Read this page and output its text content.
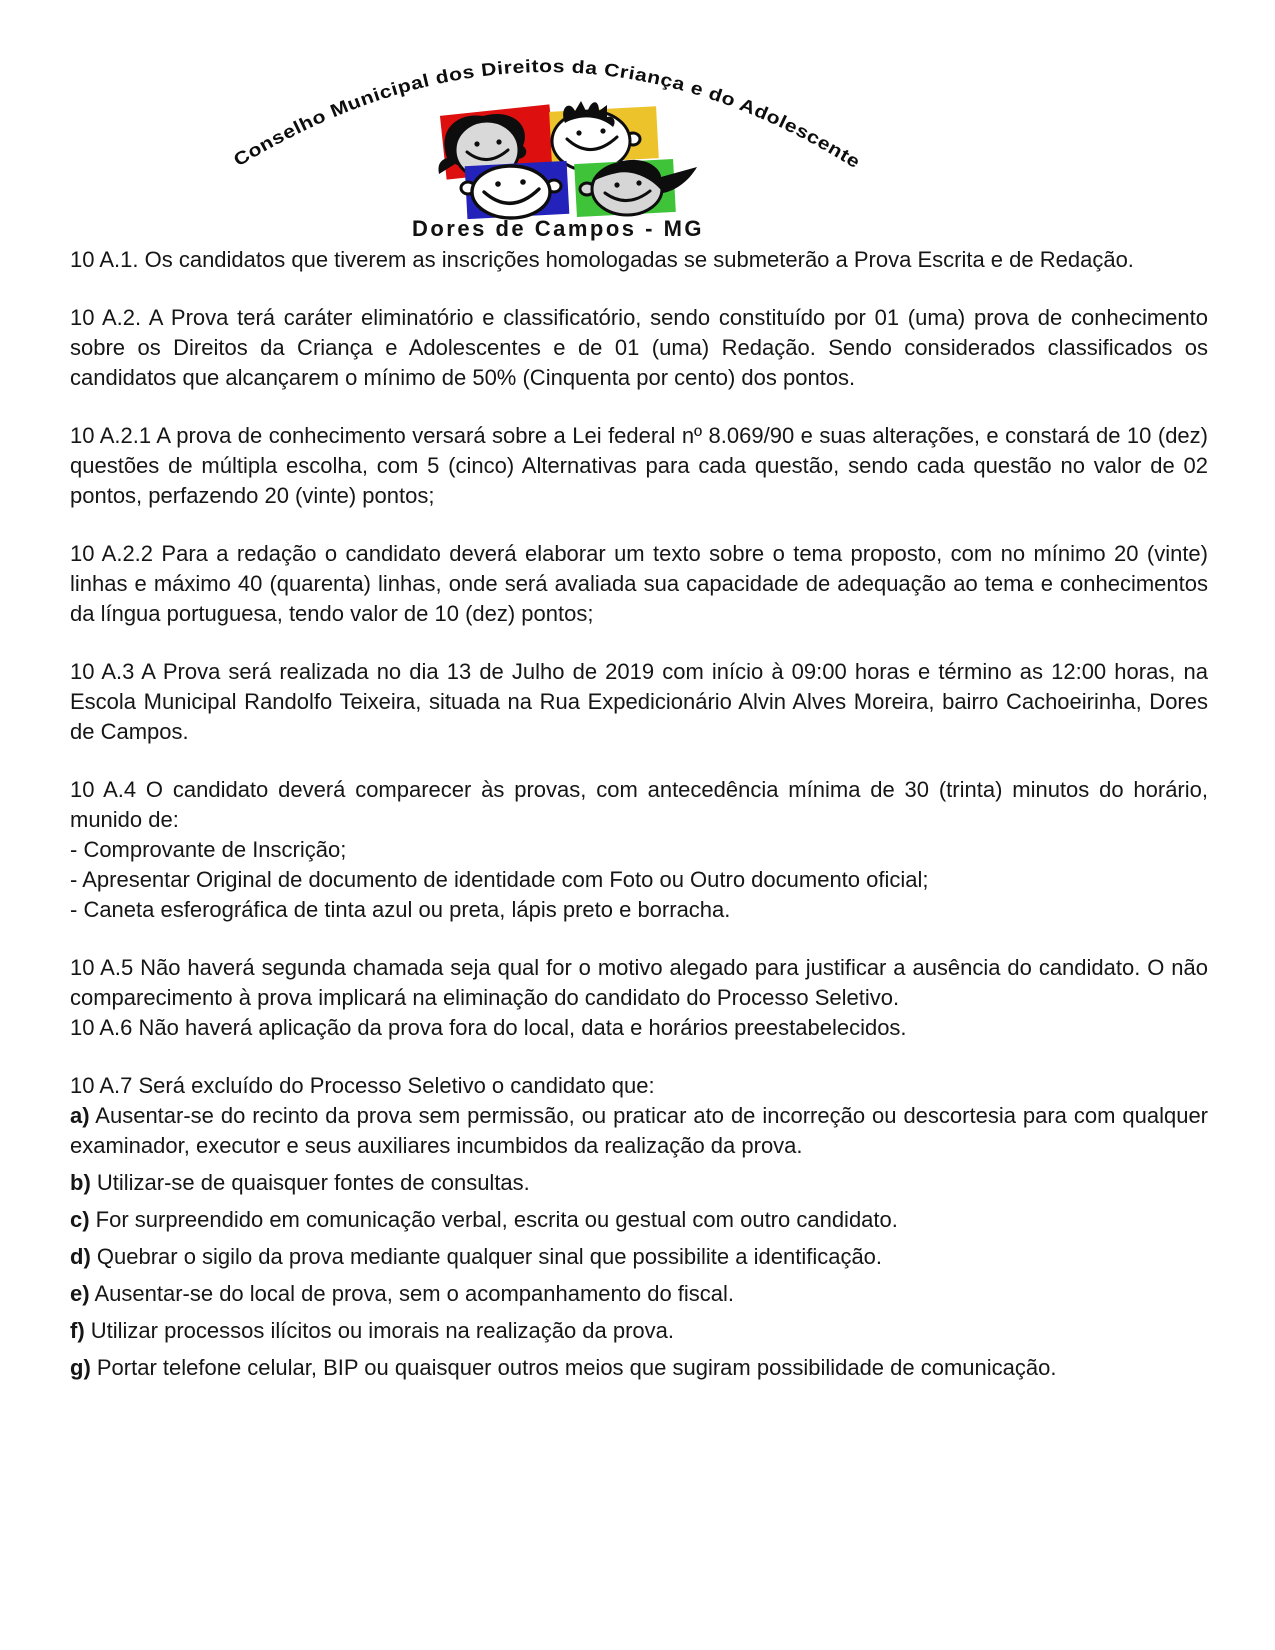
Conselho Municipal dos Direitos da Criança e do Adolescente
Dores de Campos - MG
10 A.1. Os candidatos que tiverem as inscrições homologadas se submeterão a Prova Escrita e de Redação.
10 A.2. A Prova terá caráter eliminatório e classificatório, sendo constituído por 01 (uma) prova de conhecimento sobre os Direitos da Criança e Adolescentes e de 01 (uma) Redação. Sendo considerados classificados os candidatos que alcançarem o mínimo de 50% (Cinquenta por cento) dos pontos.
10 A.2.1 A prova de conhecimento versará sobre a Lei federal nº 8.069/90 e suas alterações, e constará de 10 (dez) questões de múltipla escolha, com 5 (cinco) Alternativas para cada questão, sendo cada questão no valor de 02 pontos, perfazendo 20 (vinte) pontos;
10 A.2.2 Para a redação o candidato deverá elaborar um texto sobre o tema proposto, com no mínimo 20 (vinte) linhas e máximo 40 (quarenta) linhas, onde será avaliada sua capacidade de adequação ao tema e conhecimentos da língua portuguesa, tendo valor de 10 (dez) pontos;
10 A.3 A Prova será realizada no dia 13 de Julho de 2019 com início à 09:00 horas e término as 12:00 horas, na Escola Municipal Randolfo Teixeira, situada na Rua Expedicionário Alvin Alves Moreira, bairro Cachoeirinha, Dores de Campos.
10 A.4 O candidato deverá comparecer às provas, com antecedência mínima de 30 (trinta) minutos do horário, munido de:
- Comprovante de Inscrição;
- Apresentar Original de documento de identidade com Foto ou Outro documento oficial;
- Caneta esferográfica de tinta azul ou preta, lápis preto e borracha.
10 A.5 Não haverá segunda chamada seja qual for o motivo alegado para justificar a ausência do candidato. O não comparecimento à prova implicará na eliminação do candidato do Processo Seletivo.
10 A.6 Não haverá aplicação da prova fora do local, data e horários preestabelecidos.
10 A.7 Será excluído do Processo Seletivo o candidato que:
a) Ausentar-se do recinto da prova sem permissão, ou praticar ato de incorreção ou descortesia para com qualquer examinador, executor e seus auxiliares incumbidos da realização da prova.
b) Utilizar-se de quaisquer fontes de consultas.
c) For surpreendido em comunicação verbal, escrita ou gestual com outro candidato.
d) Quebrar o sigilo da prova mediante qualquer sinal que possibilite a identificação.
e) Ausentar-se do local de prova, sem o acompanhamento do fiscal.
f) Utilizar processos ilícitos ou imorais na realização da prova.
g) Portar telefone celular, BIP ou quaisquer outros meios que sugiram possibilidade de comunicação.
